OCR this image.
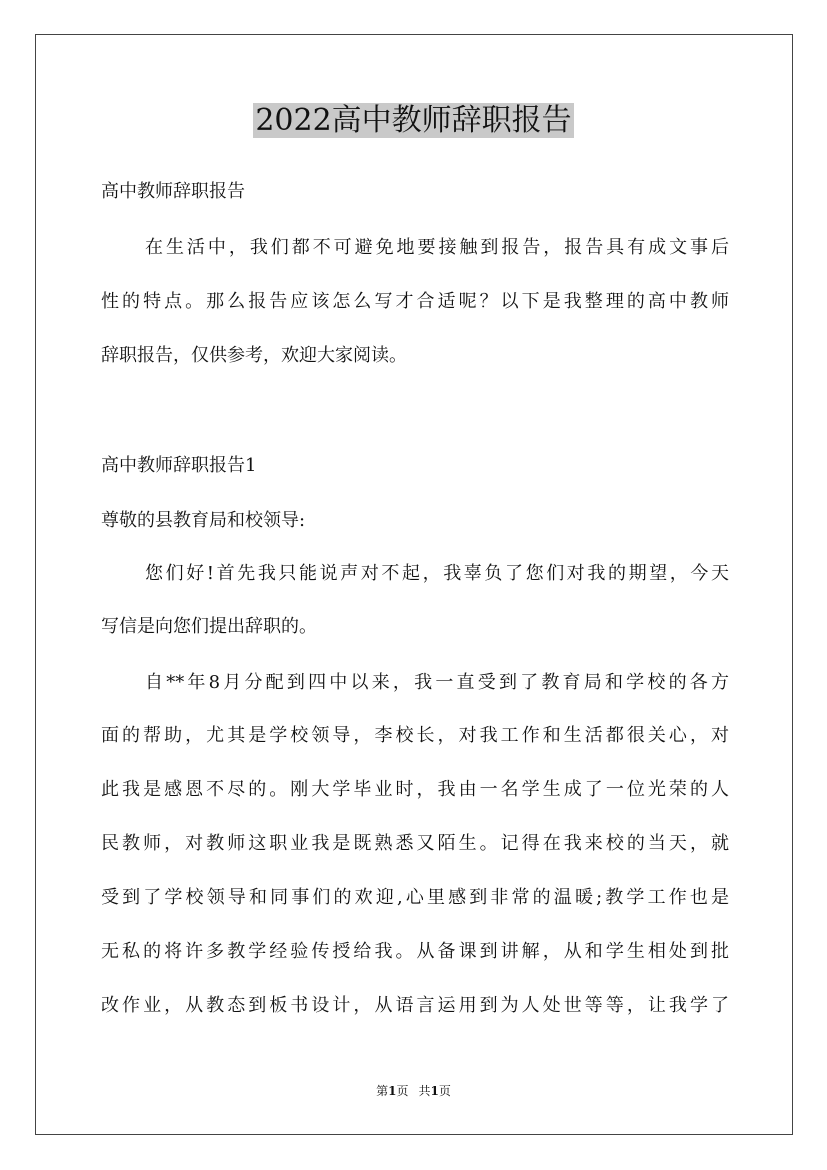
2022高中教师辞职报告
高中教师辞职报告
在生活中，我们都不可避免地要接触到报告，报告具有成文事后
性的特点。那么报告应该怎么写才合适呢？以下是我整理的高中教师
辞职报告，仅供参考，欢迎大家阅读。
高中教师辞职报告1
尊敬的县教育局和校领导:
您们好!首先我只能说声对不起，我辜负了您们对我的期望，今天
写信是向您们提出辞职的。
自**年8月分配到四中以来，我一直受到了教育局和学校的各方
面的帮助，尤其是学校领导，李校长，对我工作和生活都很关心，对
此我是感恩不尽的。刚大学毕业时，我由一名学生成了一位光荣的人
民教师，对教师这职业我是既熟悉又陌生。记得在我来校的当天，就
受到了学校领导和同事们的欢迎,心里感到非常的温暖;教学工作也是
无私的将许多教学经验传授给我。从备课到讲解，从和学生相处到批
改作业，从教态到板书设计，从语言运用到为人处世等等，让我学了
第1页 共1页
